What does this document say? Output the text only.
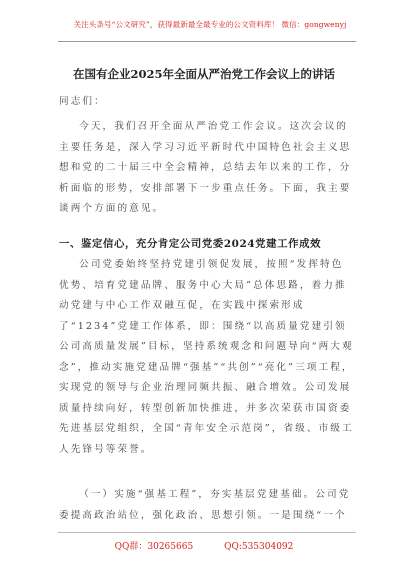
关注头条号“公文研究”，获得最新最全最专业的公文资料库！ 微信：gongwenyj
在国有企业2025年全面从严治党工作会议上的讲话

同志们：

今天，我们召开全面从严治党工作会议。这次会议的主要任务是，深入学习习近平新时代中国特色社会主义思想和党的二十届三中全会精神，总结去年以来的工作，分析面临的形势，安排部署下一步重点任务。下面，我主要谈两个方面的意见。

一、鉴定信心，充分肯定公司党委2024党建工作成效

公司党委始终坚持党建引领促发展，按照“发挥特色优势、培育党建品牌、服务中心大局”总体思路，着力推动党建与中心工作双融互促，在实践中探索形成了“1234”党建工作体系，即：围绕“以高质量党建引领公司高质量发展”目标，坚持系统观念和问题导向“两大观念”，推动实施党建品牌“强基”“共创”“亮化”三项工程，实现党的领导与企业治理同频共振、融合增效。公司发展质量持续向好，转型创新加快推进，并多次荣获市国资委先进基层党组织，全国“青年安全示范岗”，省级、市级工人先锋号等荣誉。

（一）实施“强基工程”，夯实基层党建基础。公司党委提高政治站位，强化政治、思想引领。一是围绕“一个

QQ群：30265665	QQ:535304092
